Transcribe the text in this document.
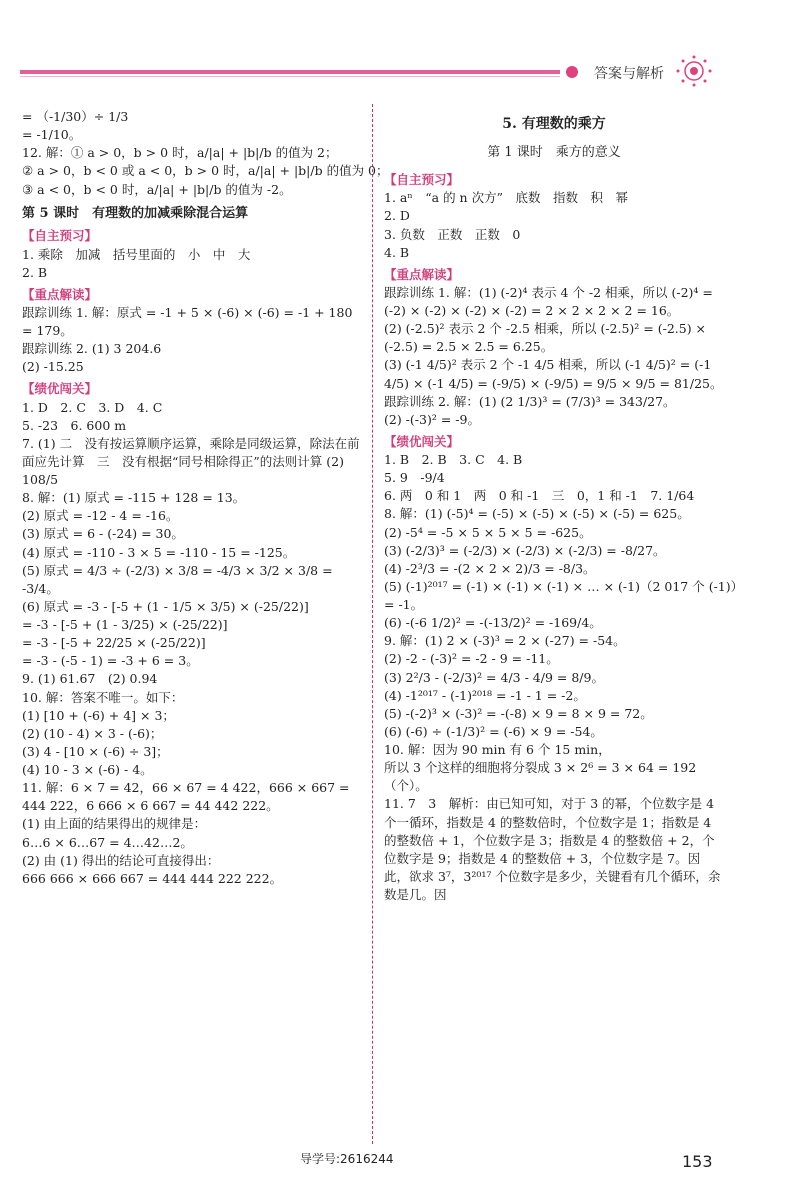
答案与解析
= （-1/30）÷ 1/3
= -1/10。
12. 解：① a > 0，b > 0 时，a/|a| + |b|/b 的值为 2；
② a > 0，b < 0 或 a < 0，b > 0 时，a/|a| + |b|/b 的值为 0；
③ a < 0，b < 0 时，a/|a| + |b|/b 的值为 -2。
第 5 课时　有理数的加减乘除混合运算
【自主预习】
1. 乘除　加减　括号里面的　小　中　大
2. B
【重点解读】
跟踪训练 1. 解：原式 = -1 + 5 × (-6) × (-6) = -1 + 180 = 179。
跟踪训练 2. (1) 3 204.6
(2) -15.25
【绩优闯关】
1. D　2. C　3. D　4. C
5. -23　6. 600 m
7. (1) 二　没有按运算顺序运算，乘除是同级运算，除法在前面应先计算　三　没有根据“同号相除得正”的法则计算 (2) 108/5
8. 解：(1) 原式 = -115 + 128 = 13。
(2) 原式 = -12 - 4 = -16。
(3) 原式 = 6 - (-24) = 30。
(4) 原式 = -110 - 3 × 5 = -110 - 15 = -125。
(5) 原式 = 4/3 ÷ (-2/3) × 3/8 = -4/3 × 3/2 × 3/8 = -3/4。
(6) 原式 = -3 - [-5 + (1 - 1/5 × 3/5) × (-25/22)]
= -3 - [-5 + (1 - 3/25) × (-25/22)]
= -3 - [-5 + 22/25 × (-25/22)]
= -3 - (-5 - 1) = -3 + 6 = 3。
9. (1) 61.67　(2) 0.94
10. 解：答案不唯一。如下：
(1) [10 + (-6) + 4] × 3；
(2) (10 - 4) × 3 - (-6)；
(3) 4 - [10 × (-6) ÷ 3]；
(4) 10 - 3 × (-6) - 4。
11. 解：6 × 7 = 42，66 × 67 = 4 422，666 × 667 = 444 222，6 666 × 6 667 = 44 442 222。
(1) 由上面的结果得出的规律是：
6…6 × 6…67 = 4…42…2。
(2) 由 (1) 得出的结论可直接得出：
666 666 × 666 667 = 444 444 222 222。
5. 有理数的乘方
第 1 课时　乘方的意义
【自主预习】
1. aⁿ　“a 的 n 次方”　底数　指数　积　幂
2. D
3. 负数　正数　正数　0
4. B
【重点解读】
跟踪训练 1. 解：(1) (-2)⁴ 表示 4 个 -2 相乘，所以 (-2)⁴ = (-2) × (-2) × (-2) × (-2) = 2 × 2 × 2 × 2 = 16。
(2) (-2.5)² 表示 2 个 -2.5 相乘，所以 (-2.5)² = (-2.5) × (-2.5) = 2.5 × 2.5 = 6.25。
(3) (-1 4/5)² 表示 2 个 -1 4/5 相乘，所以 (-1 4/5)² = (-1 4/5) × (-1 4/5) = (-9/5) × (-9/5) = 9/5 × 9/5 = 81/25。
跟踪训练 2. 解：(1) (2 1/3)³ = (7/3)³ = 343/27。
(2) -(-3)² = -9。
【绩优闯关】
1. B　2. B　3. C　4. B
5. 9　-9/4
6. 两　0 和 1　两　0 和 -1　三　0，1 和 -1　7. 1/64
8. 解：(1) (-5)⁴ = (-5) × (-5) × (-5) × (-5) = 625。
(2) -5⁴ = -5 × 5 × 5 × 5 = -625。
(3) (-2/3)³ = (-2/3) × (-2/3) × (-2/3) = -8/27。
(4) -2³/3 = -(2 × 2 × 2)/3 = -8/3。
(5) (-1)²⁰¹⁷ = (-1) × (-1) × (-1) × … × (-1)（2 017 个 (-1)）
= -1。
(6) -(-6 1/2)² = -(-13/2)² = -169/4。
9. 解：(1) 2 × (-3)³ = 2 × (-27) = -54。
(2) -2 - (-3)² = -2 - 9 = -11。
(3) 2²/3 - (-2/3)² = 4/3 - 4/9 = 8/9。
(4) -1²⁰¹⁷ - (-1)²⁰¹⁸ = -1 - 1 = -2。
(5) -(-2)³ × (-3)² = -(-8) × 9 = 8 × 9 = 72。
(6) (-6) ÷ (-1/3)² = (-6) × 9 = -54。
10. 解：因为 90 min 有 6 个 15 min，
所以 3 个这样的细胞将分裂成 3 × 2⁶ = 3 × 64 = 192（个）。
11. 7　3　解析：由已知可知，对于 3 的幂，个位数字是 4 个一循环，指数是 4 的整数倍时，个位数字是 1；指数是 4 的整数倍 + 1，个位数字是 3；指数是 4 的整数倍 + 2，个位数字是 9；指数是 4 的整数倍 + 3，个位数字是 7。因此，欲求 3⁷，3²⁰¹⁷ 个位数字是多少，关键看有几个循环，余数是几。因
导学号:2616244	153
